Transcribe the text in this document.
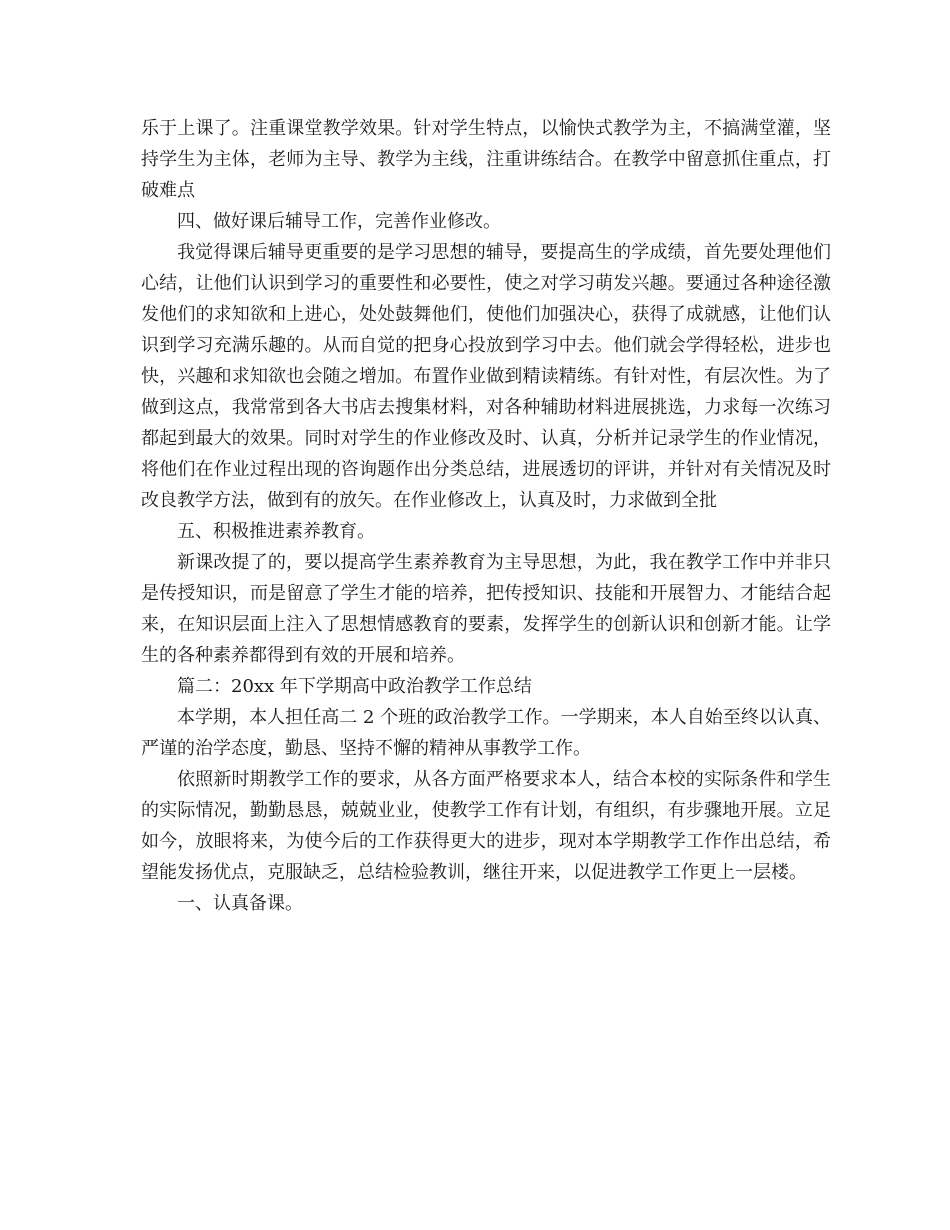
乐于上课了。注重课堂教学效果。针对学生特点，以愉快式教学为主，不搞满堂灌，坚持学生为主体，老师为主导、教学为主线，注重讲练结合。在教学中留意抓住重点，打破难点

四、做好课后辅导工作，完善作业修改。

我觉得课后辅导更重要的是学习思想的辅导，要提高生的学成绩，首先要处理他们心结，让他们认识到学习的重要性和必要性，使之对学习萌发兴趣。要通过各种途径激发他们的求知欲和上进心，处处鼓舞他们，使他们加强决心，获得了成就感，让他们认识到学习充满乐趣的。从而自觉的把身心投放到学习中去。他们就会学得轻松，进步也快，兴趣和求知欲也会随之增加。布置作业做到精读精练。有针对性，有层次性。为了做到这点，我常常到各大书店去搜集材料，对各种辅助材料进展挑选，力求每一次练习都起到最大的效果。同时对学生的作业修改及时、认真，分析并记录学生的作业情况，将他们在作业过程出现的咨询题作出分类总结，进展透切的评讲，并针对有关情况及时改良教学方法，做到有的放矢。在作业修改上，认真及时，力求做到全批

五、积极推进素养教育。

新课改提了的，要以提高学生素养教育为主导思想，为此，我在教学工作中并非只是传授知识，而是留意了学生才能的培养，把传授知识、技能和开展智力、才能结合起来，在知识层面上注入了思想情感教育的要素，发挥学生的创新认识和创新才能。让学生的各种素养都得到有效的开展和培养。

篇二：20xx 年下学期高中政治教学工作总结

本学期，本人担任高二 2 个班的政治教学工作。一学期来，本人自始至终以认真、严谨的治学态度，勤恳、坚持不懈的精神从事教学工作。

依照新时期教学工作的要求，从各方面严格要求本人，结合本校的实际条件和学生的实际情况，勤勤恳恳，兢兢业业，使教学工作有计划，有组织，有步骤地开展。立足如今，放眼将来，为使今后的工作获得更大的进步，现对本学期教学工作作出总结，希望能发扬优点，克服缺乏，总结检验教训，继往开来，以促进教学工作更上一层楼。

一、认真备课。
